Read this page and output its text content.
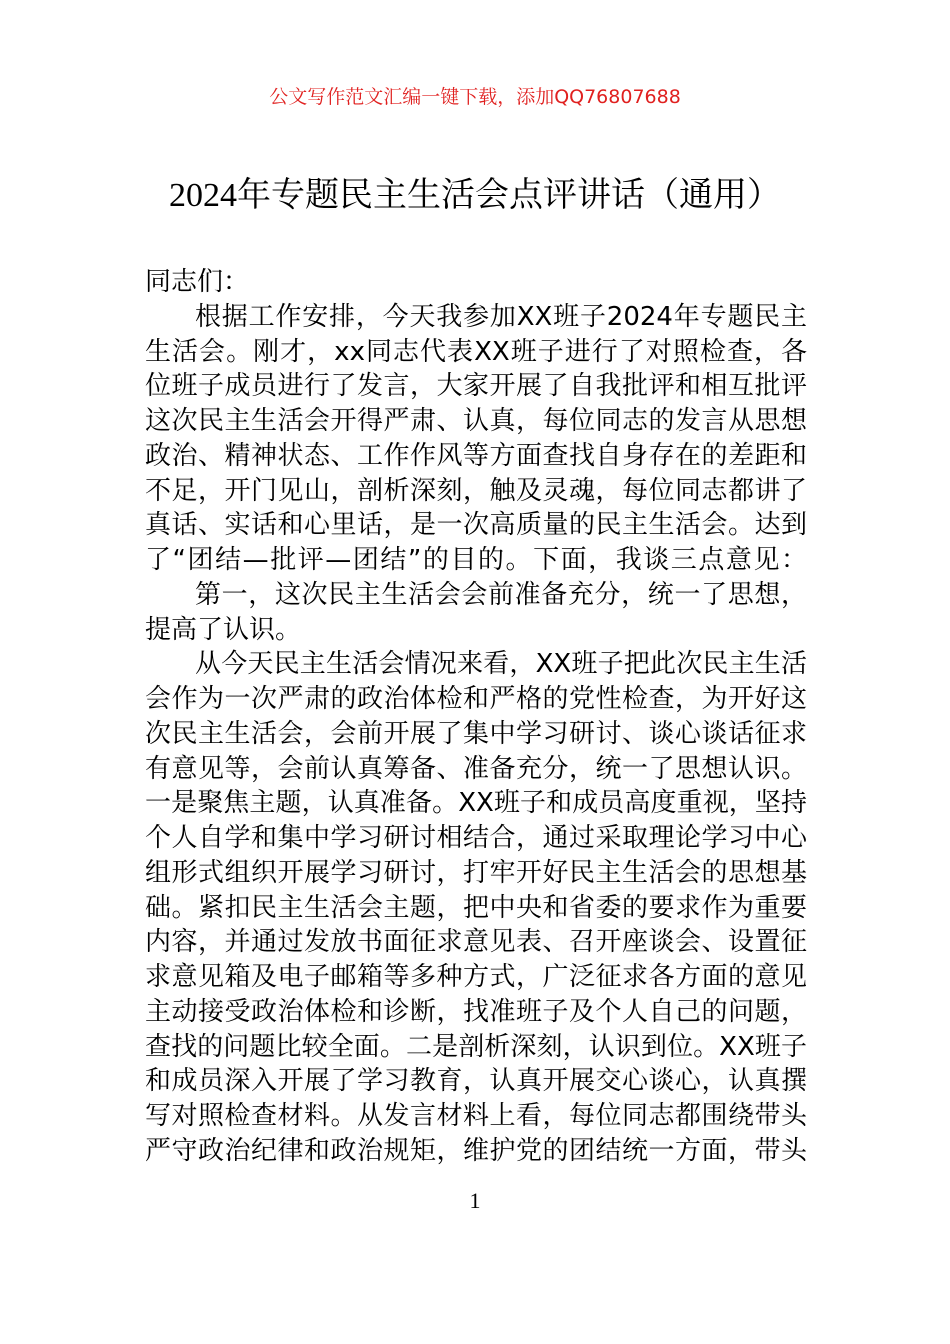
公文写作范文汇编一键下载，添加QQ76807688
2024年专题民主生活会点评讲话（通用）
同志们：
根据工作安排，今天我参加XX班子2024年专题民主
生活会。刚才，xx同志代表XX班子进行了对照检查，各
位班子成员进行了发言，大家开展了自我批评和相互批评
这次民主生活会开得严肃、认真，每位同志的发言从思想
政治、精神状态、工作作风等方面查找自身存在的差距和
不足，开门见山，剖析深刻，触及灵魂，每位同志都讲了
真话、实话和心里话，是一次高质量的民主生活会。达到
了“团结—批评—团结”的目的。下面，我谈三点意见：
第一，这次民主生活会会前准备充分，统一了思想，
提高了认识。
从今天民主生活会情况来看，XX班子把此次民主生活
会作为一次严肃的政治体检和严格的党性检查，为开好这
次民主生活会，会前开展了集中学习研讨、谈心谈话征求
有意见等，会前认真筹备、准备充分，统一了思想认识。
一是聚焦主题，认真准备。XX班子和成员高度重视，坚持
个人自学和集中学习研讨相结合，通过采取理论学习中心
组形式组织开展学习研讨，打牢开好民主生活会的思想基
础。紧扣民主生活会主题，把中央和省委的要求作为重要
内容，并通过发放书面征求意见表、召开座谈会、设置征
求意见箱及电子邮箱等多种方式，广泛征求各方面的意见
主动接受政治体检和诊断，找准班子及个人自己的问题，
查找的问题比较全面。二是剖析深刻，认识到位。XX班子
和成员深入开展了学习教育，认真开展交心谈心，认真撰
写对照检查材料。从发言材料上看，每位同志都围绕带头
严守政治纪律和政治规矩，维护党的团结统一方面，带头
1
